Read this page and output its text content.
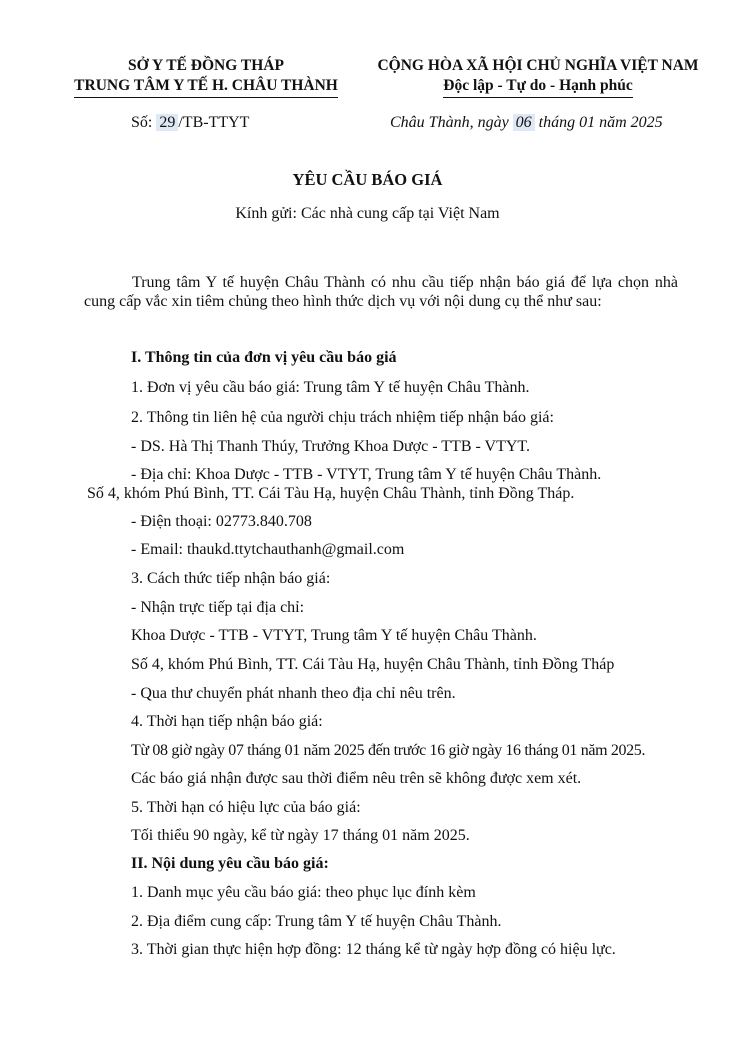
SỞ Y TẾ ĐỒNG THÁP
TRUNG TÂM Y TẾ H. CHÂU THÀNH
CỘNG HÒA XÃ HỘI CHỦ NGHĨA VIỆT NAM
Độc lập - Tự do - Hạnh phúc
Số: 29 /TB-TTYT	Châu Thành, ngày 06 tháng 01 năm 2025
YÊU CẦU BÁO GIÁ
Kính gửi: Các nhà cung cấp tại Việt Nam

Trung tâm Y tế huyện Châu Thành có nhu cầu tiếp nhận báo giá để lựa chọn nhà cung cấp vắc xin tiêm chủng theo hình thức dịch vụ với nội dung cụ thể như sau:

I. Thông tin của đơn vị yêu cầu báo giá
1. Đơn vị yêu cầu báo giá: Trung tâm Y tế huyện Châu Thành.
2. Thông tin liên hệ của người chịu trách nhiệm tiếp nhận báo giá:
- DS. Hà Thị Thanh Thúy, Trưởng Khoa Dược - TTB - VTYT.
- Địa chỉ: Khoa Dược - TTB - VTYT, Trung tâm Y tế huyện Châu Thành.
Số 4, khóm Phú Bình, TT. Cái Tàu Hạ, huyện Châu Thành, tỉnh Đồng Tháp.
- Điện thoại: 02773.840.708
- Email: thaukd.ttytchauthanh@gmail.com
3. Cách thức tiếp nhận báo giá:
- Nhận trực tiếp tại địa chỉ:
Khoa Dược - TTB - VTYT, Trung tâm Y tế huyện Châu Thành.
Số 4, khóm Phú Bình, TT. Cái Tàu Hạ, huyện Châu Thành, tỉnh Đồng Tháp
- Qua thư chuyển phát nhanh theo địa chỉ nêu trên.
4. Thời hạn tiếp nhận báo giá:
Từ 08 giờ ngày 07 tháng 01 năm 2025 đến trước 16 giờ ngày 16 tháng 01 năm 2025.
Các báo giá nhận được sau thời điểm nêu trên sẽ không được xem xét.
5. Thời hạn có hiệu lực của báo giá:
Tối thiểu 90 ngày, kể từ ngày 17 tháng 01 năm 2025.
II. Nội dung yêu cầu báo giá:
1. Danh mục yêu cầu báo giá: theo phục lục đính kèm
2. Địa điểm cung cấp: Trung tâm Y tế huyện Châu Thành.
3. Thời gian thực hiện hợp đồng: 12 tháng kể từ ngày hợp đồng có hiệu lực.
